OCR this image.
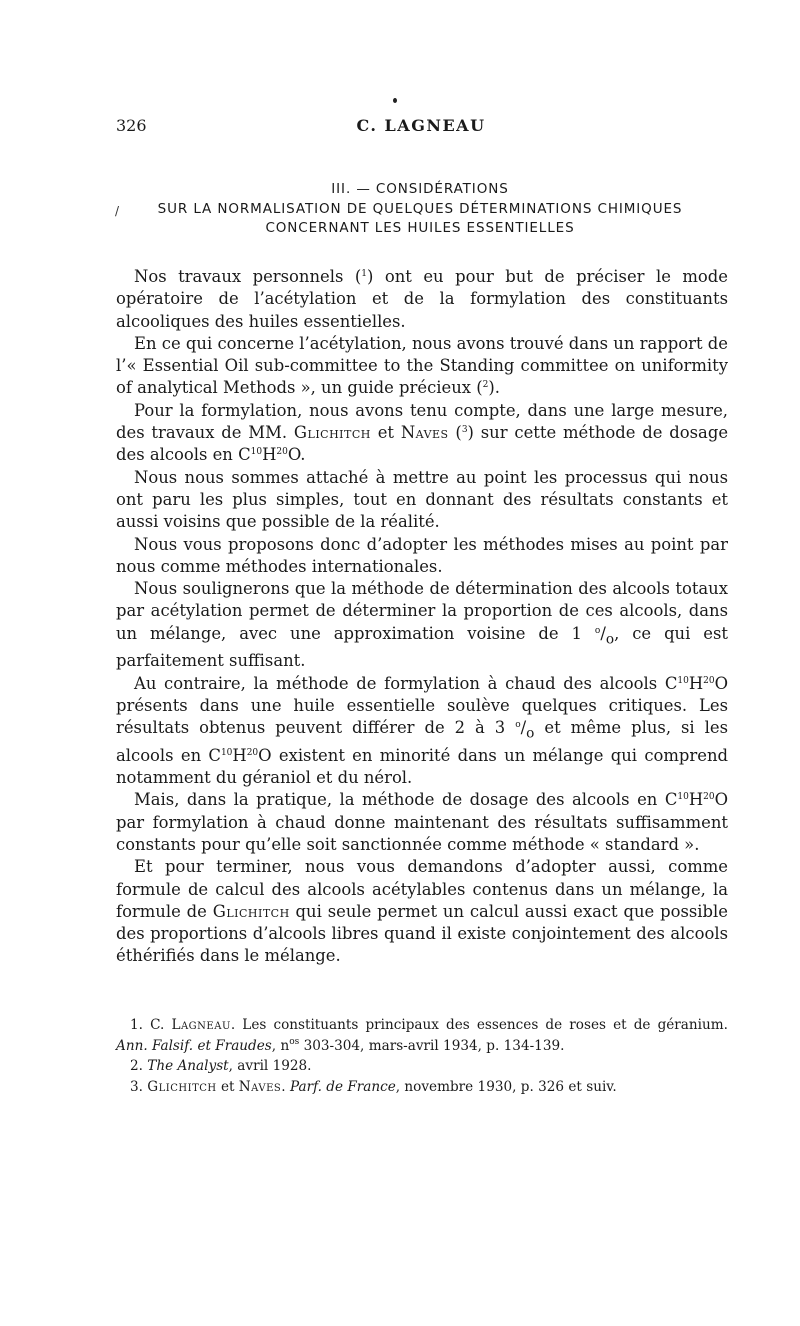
326	C. LAGNEAU
/
III. — CONSIDÉRATIONS
SUR LA NORMALISATION DE QUELQUES DÉTERMINATIONS CHIMIQUES
CONCERNANT LES HUILES ESSENTIELLES

Nos travaux personnels ($^1$) ont eu pour but de préciser le mode opératoire de l’acétylation et de la formylation des constituants alcooliques des huiles essentielles.

En ce qui concerne l’acétylation, nous avons trouvé dans un rapport de l’« Essential Oil sub-committee to the Standing committee on uniformity of analytical Methods », un guide précieux ($^2$).

Pour la formylation, nous avons tenu compte, dans une large mesure, des travaux de MM. Glichitch et Naves ($^3$) sur cette méthode de dosage des alcools en $C^{10}H^{20}O$.

Nous nous sommes attaché à mettre au point les processus qui nous ont paru les plus simples, tout en donnant des résultats constants et aussi voisins que possible de la réalité.

Nous vous proposons donc d’adopter les méthodes mises au point par nous comme méthodes internationales.

Nous soulignerons que la méthode de détermination des alcools totaux par acétylation permet de déterminer la proportion de ces alcools, dans un mélange, avec une approximation voisine de 1 $^o/_o$, ce qui est parfaitement suffisant.

Au contraire, la méthode de formylation à chaud des alcools $C^{10}H^{20}O$ présents dans une huile essentielle soulève quelques critiques. Les résultats obtenus peuvent différer de 2 à 3 $^o/_o$ et même plus, si les alcools en $C^{10}H^{20}O$ existent en minorité dans un mélange qui comprend notamment du géraniol et du nérol.

Mais, dans la pratique, la méthode de dosage des alcools en $C^{10}H^{20}O$ par formylation à chaud donne maintenant des résultats suffisamment constants pour qu’elle soit sanctionnée comme méthode « standard ».

Et pour terminer, nous vous demandons d’adopter aussi, comme formule de calcul des alcools acétylables contenus dans un mélange, la formule de Glichitch qui seule permet un calcul aussi exact que possible des proportions d’alcools libres quand il existe conjointement des alcools éthérifiés dans le mélange.

1. C. Lagneau. Les constituants principaux des essences de roses et de géranium. Ann. Falsif. et Fraudes, $n^{os}$ 303-304, mars-avril 1934, p. 134-139.

2. The Analyst, avril 1928.

3. Glichitch et Naves. Parf. de France, novembre 1930, p. 326 et suiv.
